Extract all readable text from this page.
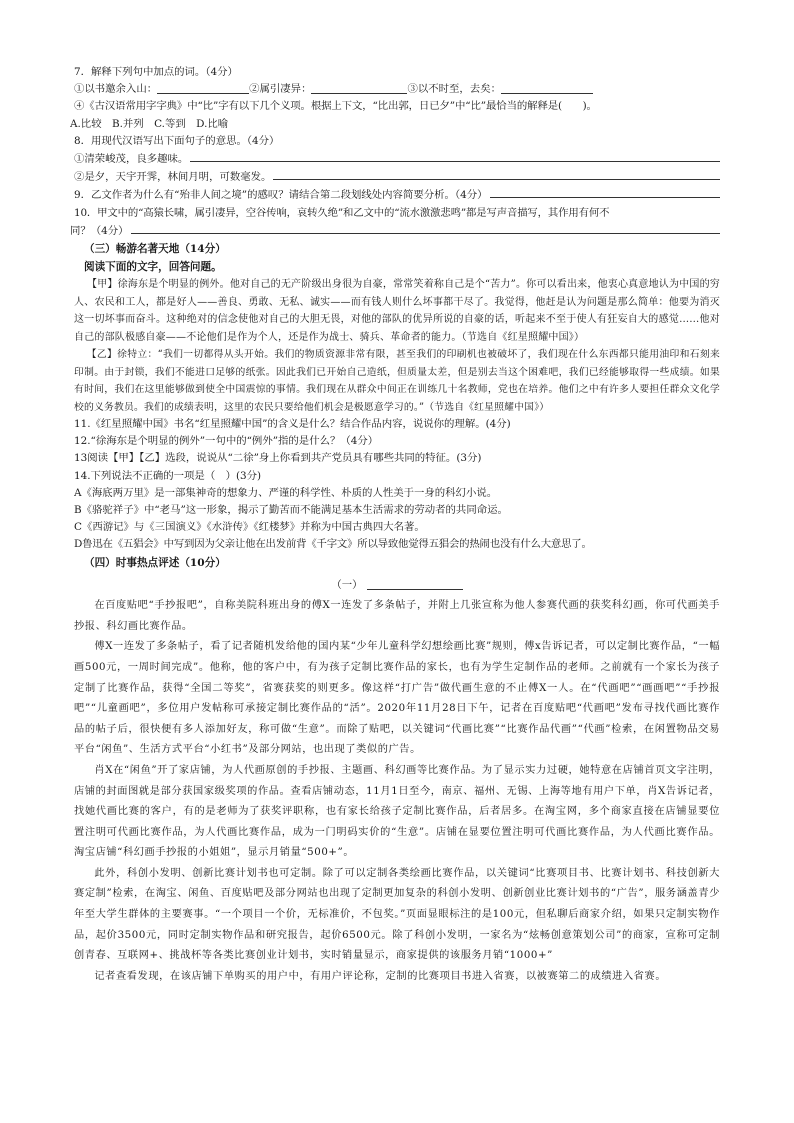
7．解释下列句中加点的词。（4分）

①以书邀余入山：	②属引凄异：	③以不时至，去矣：

④《古汉语常用字字典》中“比”字有以下几个义项。根据上下文，“比出郭，日已夕”中“比”最恰当的解释是(　　)。

A.比较　B.并列　C.等到　D.比喻

8．用现代汉语写出下面句子的意思。（4分）

①清荣峻茂，良多趣味。
②是夕，天宇开霁，林间月明，可数毫发。
9．乙文作者为什么有“殆非人间之境”的感叹？请结合第二段划线处内容简要分析。（4分）

10．甲文中的“高猿长啸，属引凄异，空谷传响，哀转久绝”和乙文中的“流水激激悲鸣”都是写声音描写，其作用有何不

同？（4分）

（三）畅游名著天地（14分）

阅读下面的文字，回答问题。

【甲】徐海东是个明显的例外。他对自己的无产阶级出身很为自豪，常常笑着称自己是个“苦力”。你可以看出来，他衷心真意地认为中国的穷人、农民和工人，都是好人——善良、勇敢、无私、诚实——而有钱人则什么坏事都干尽了。我觉得，他赶是认为问题是那么简单：他要为消灭这一切坏事而奋斗。这种绝对的信念使他对自己的大胆无畏，对他的部队的优异所说的自豪的话，听起来不至于使人有狂妄自大的感觉……他对自己的部队极感自豪——不论他们是作为个人，还是作为战士、骑兵、革命者的能力。（节选自《红星照耀中国》）

【乙】徐特立：“我们一切都得从头开始。我们的物质资源非常有限，甚至我们的印刷机也被破坏了，我们现在什么东西都只能用油印和石刻来印制。由于封锁，我们不能进口足够的纸张。因此我们已开始自己造纸，但质量太差，但是别去当这个困难吧，我们已经能够取得一些成绩。如果有时间，我们在这里能够做到使全中国震惊的事情。我们现在从群众中间正在训练几十名教师，党也在培养。他们之中有许多人要担任群众文化学校的义务教员。我们的成绩表明，这里的农民只要给他们机会是极愿意学习的。”（节选自《红星照耀中国》）

11.《红星照耀中国》书名“红星照耀中国”的含义是什么？结合作品内容，说说你的理解。(4分)

12.“徐海东是个明显的例外”一句中的“例外”指的是什么？（4分）

13阅读【甲】【乙】选段，说说从“二徐”身上你看到共产党员具有哪些共同的特征。(3分)

14.下列说法不正确的一项是（　）(3分)

A《海底两万里》是一部集神奇的想象力、严谨的科学性、朴质的人性美于一身的科幻小说。

B《骆驼祥子》中“老马”这一形象，揭示了勤苦而不能满足基本生活需求的劳动者的共同命运。

C《西游记》与《三国演义》《水浒传》《红楼梦》并称为中国古典四大名著。

D鲁迅在《五猖会》中写到因为父亲让他在出发前背《千字文》所以导致他觉得五猖会的热闹也没有什么大意思了。

（四）时事热点评述（10分）

（一）

在百度贴吧“手抄报吧”，自称美院科班出身的傅X一连发了多条帖子，并附上几张宣称为他人参赛代画的获奖科幻画，你可代画美手抄报、科幻画比赛作品。

傅X一连发了多条帖子，看了记者随机发给他的国内某“少年儿童科学幻想绘画比赛”规则，傅x告诉记者，可以定制比赛作品，“一幅画500元，一周时间完成”。他称，他的客户中，有为孩子定制比赛作品的家长，也有为学生定制作品的老师。之前就有一个家长为孩子定制了比赛作品，获得“全国二等奖”，省赛获奖的则更多。像这样“打广告”做代画生意的不止傅X一人。在“代画吧”“画画吧”“手抄报吧”“儿童画吧”，多位用户发帖称可承接定制比赛作品的“活”。2020年11月28日下午，记者在百度贴吧“代画吧”发布寻找代画比赛作品的帖子后，很快便有多人添加好友，称可做“生意”。而除了贴吧，以关键词“代画比赛”“比赛作品代画”“代画”检索，在闲置物品交易平台“闲鱼”、生活方式平台“小红书”及部分网站，也出现了类似的广告。

肖X在“闲鱼”开了家店铺，为人代画原创的手抄报、主题画、科幻画等比赛作品。为了显示实力过硬，她特意在店铺首页文字注明，店铺的封面图就是部分获国家级奖项的作品。查看店铺动态，11月1日至今，南京、福州、无锡、上海等地有用户下单，肖X告诉记者，找她代画比赛的客户，有的是老师为了获奖评职称，也有家长给孩子定制比赛作品，后者居多。在淘宝网，多个商家直接在店铺显要位置注明可代画比赛作品，为人代画比赛作品，成为一门明码实价的“生意”。店铺在显要位置注明可代画比赛作品，为人代画比赛作品。淘宝店铺“科幻画手抄报的小姐姐”，显示月销量“500+”。

此外，科创小发明、创新比赛计划书也可定制。除了可以定制各类绘画比赛作品，以关键词“比赛项目书、比赛计划书、科技创新大赛定制”检索，在淘宝、闲鱼、百度贴吧及部分网站也出现了定制更加复杂的科创小发明、创新创业比赛计划书的“广告”，服务涵盖青少年至大学生群体的主要赛事。“一个项目一个价，无标准价，不包奖。”页面显眼标注的是100元，但私聊后商家介绍，如果只定制实物作品，起价3500元，同时定制实物作品和研究报告，起价6500元。除了科创小发明，一家名为“炫畅创意策划公司”的商家，宣称可定制创青春、互联网+、挑战杯等各类比赛创业计划书，实时销量显示，商家提供的该服务月销“1000+”

记者查看发现，在该店铺下单购买的用户中，有用户评论称，定制的比赛项目书进入省赛，以被赛第二的成绩进入省赛。
